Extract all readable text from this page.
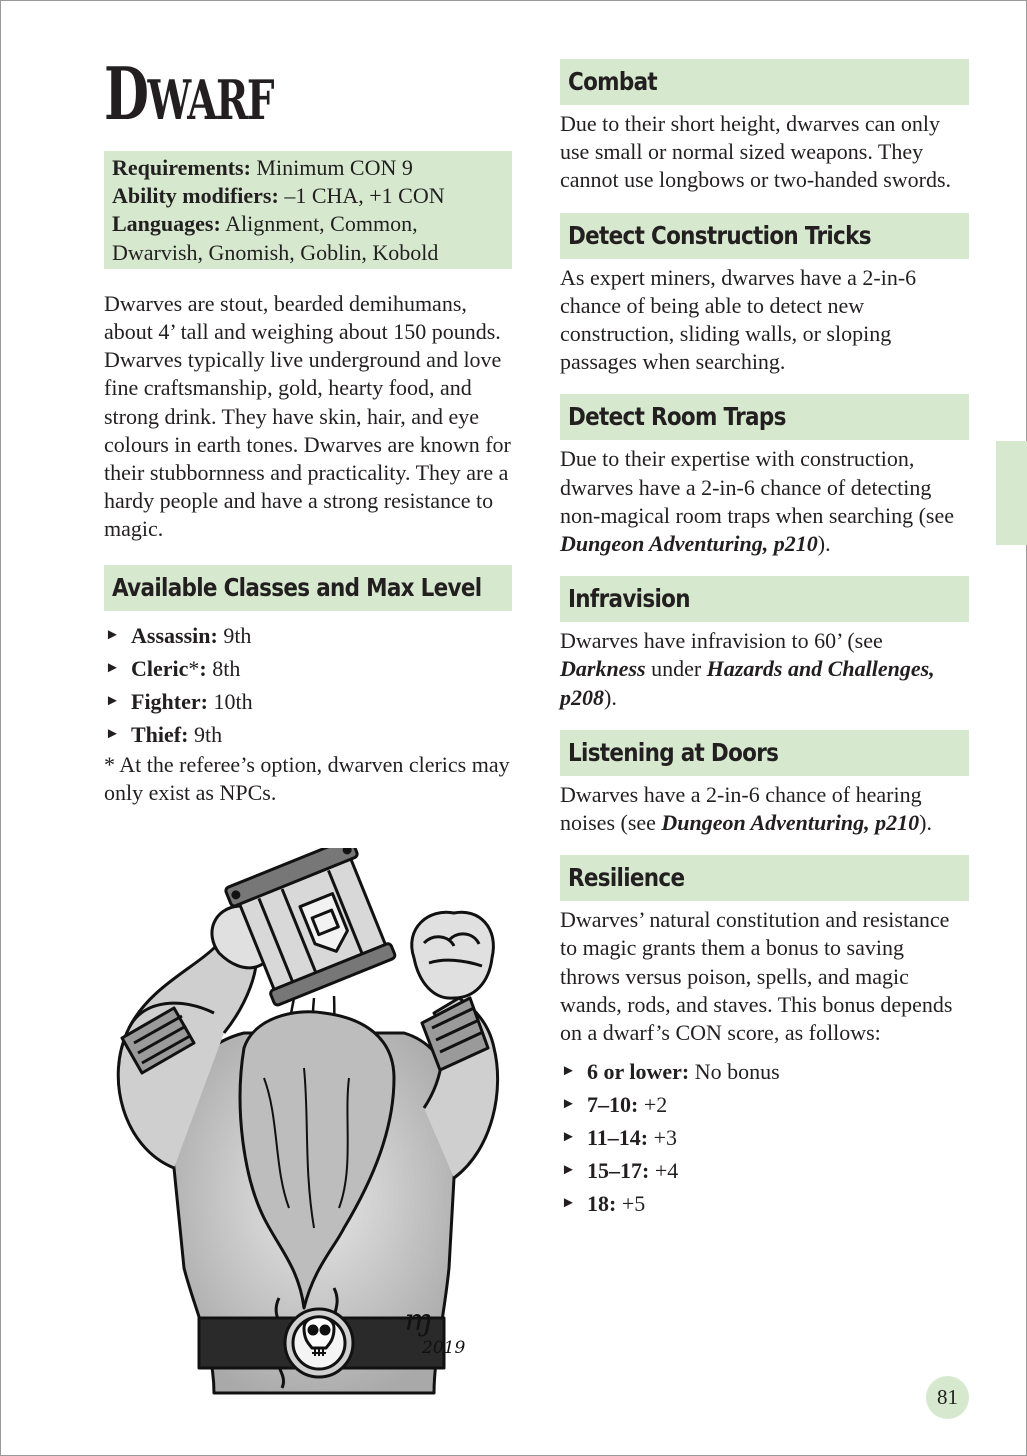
DWARF

Requirements: Minimum CON 9

Ability modifiers: –1 CHA, +1 CON

Languages: Alignment, Common, Dwarvish, Gnomish, Goblin, Kobold

Dwarves are stout, bearded demihumans, about 4’ tall and weighing about 150 pounds. Dwarves typically live underground and love fine craftsmanship, gold, hearty food, and strong drink. They have skin, hair, and eye colours in earth tones. Dwarves are known for their stubbornness and practicality. They are a hardy people and have a strong resistance to magic.

Available Classes and Max Level
► Assassin: 9th
► Cleric*: 8th
► Fighter: 10th
► Thief: 9th

* At the referee’s option, dwarven clerics may only exist as NPCs.

ɱ
2019
Combat

Due to their short height, dwarves can only use small or normal sized weapons. They cannot use longbows or two-handed swords.

Detect Construction Tricks

As expert miners, dwarves have a 2-in-6 chance of being able to detect new construction, sliding walls, or sloping passages when searching.

Detect Room Traps

Due to their expertise with construction, dwarves have a 2-in-6 chance of detecting non-magical room traps when searching (see Dungeon Adventuring, p210).

Infravision

Dwarves have infravision to 60’ (see Darkness under Hazards and Challenges, p208).

Listening at Doors

Dwarves have a 2-in-6 chance of hearing noises (see Dungeon Adventuring, p210).

Resilience

Dwarves’ natural constitution and resistance to magic grants them a bonus to saving throws versus poison, spells, and magic wands, rods, and staves. This bonus depends on a dwarf’s CON score, as follows:

► 6 or lower: No bonus
► 7–10: +2
► 11–14: +3
► 15–17: +4
► 18: +5
81
